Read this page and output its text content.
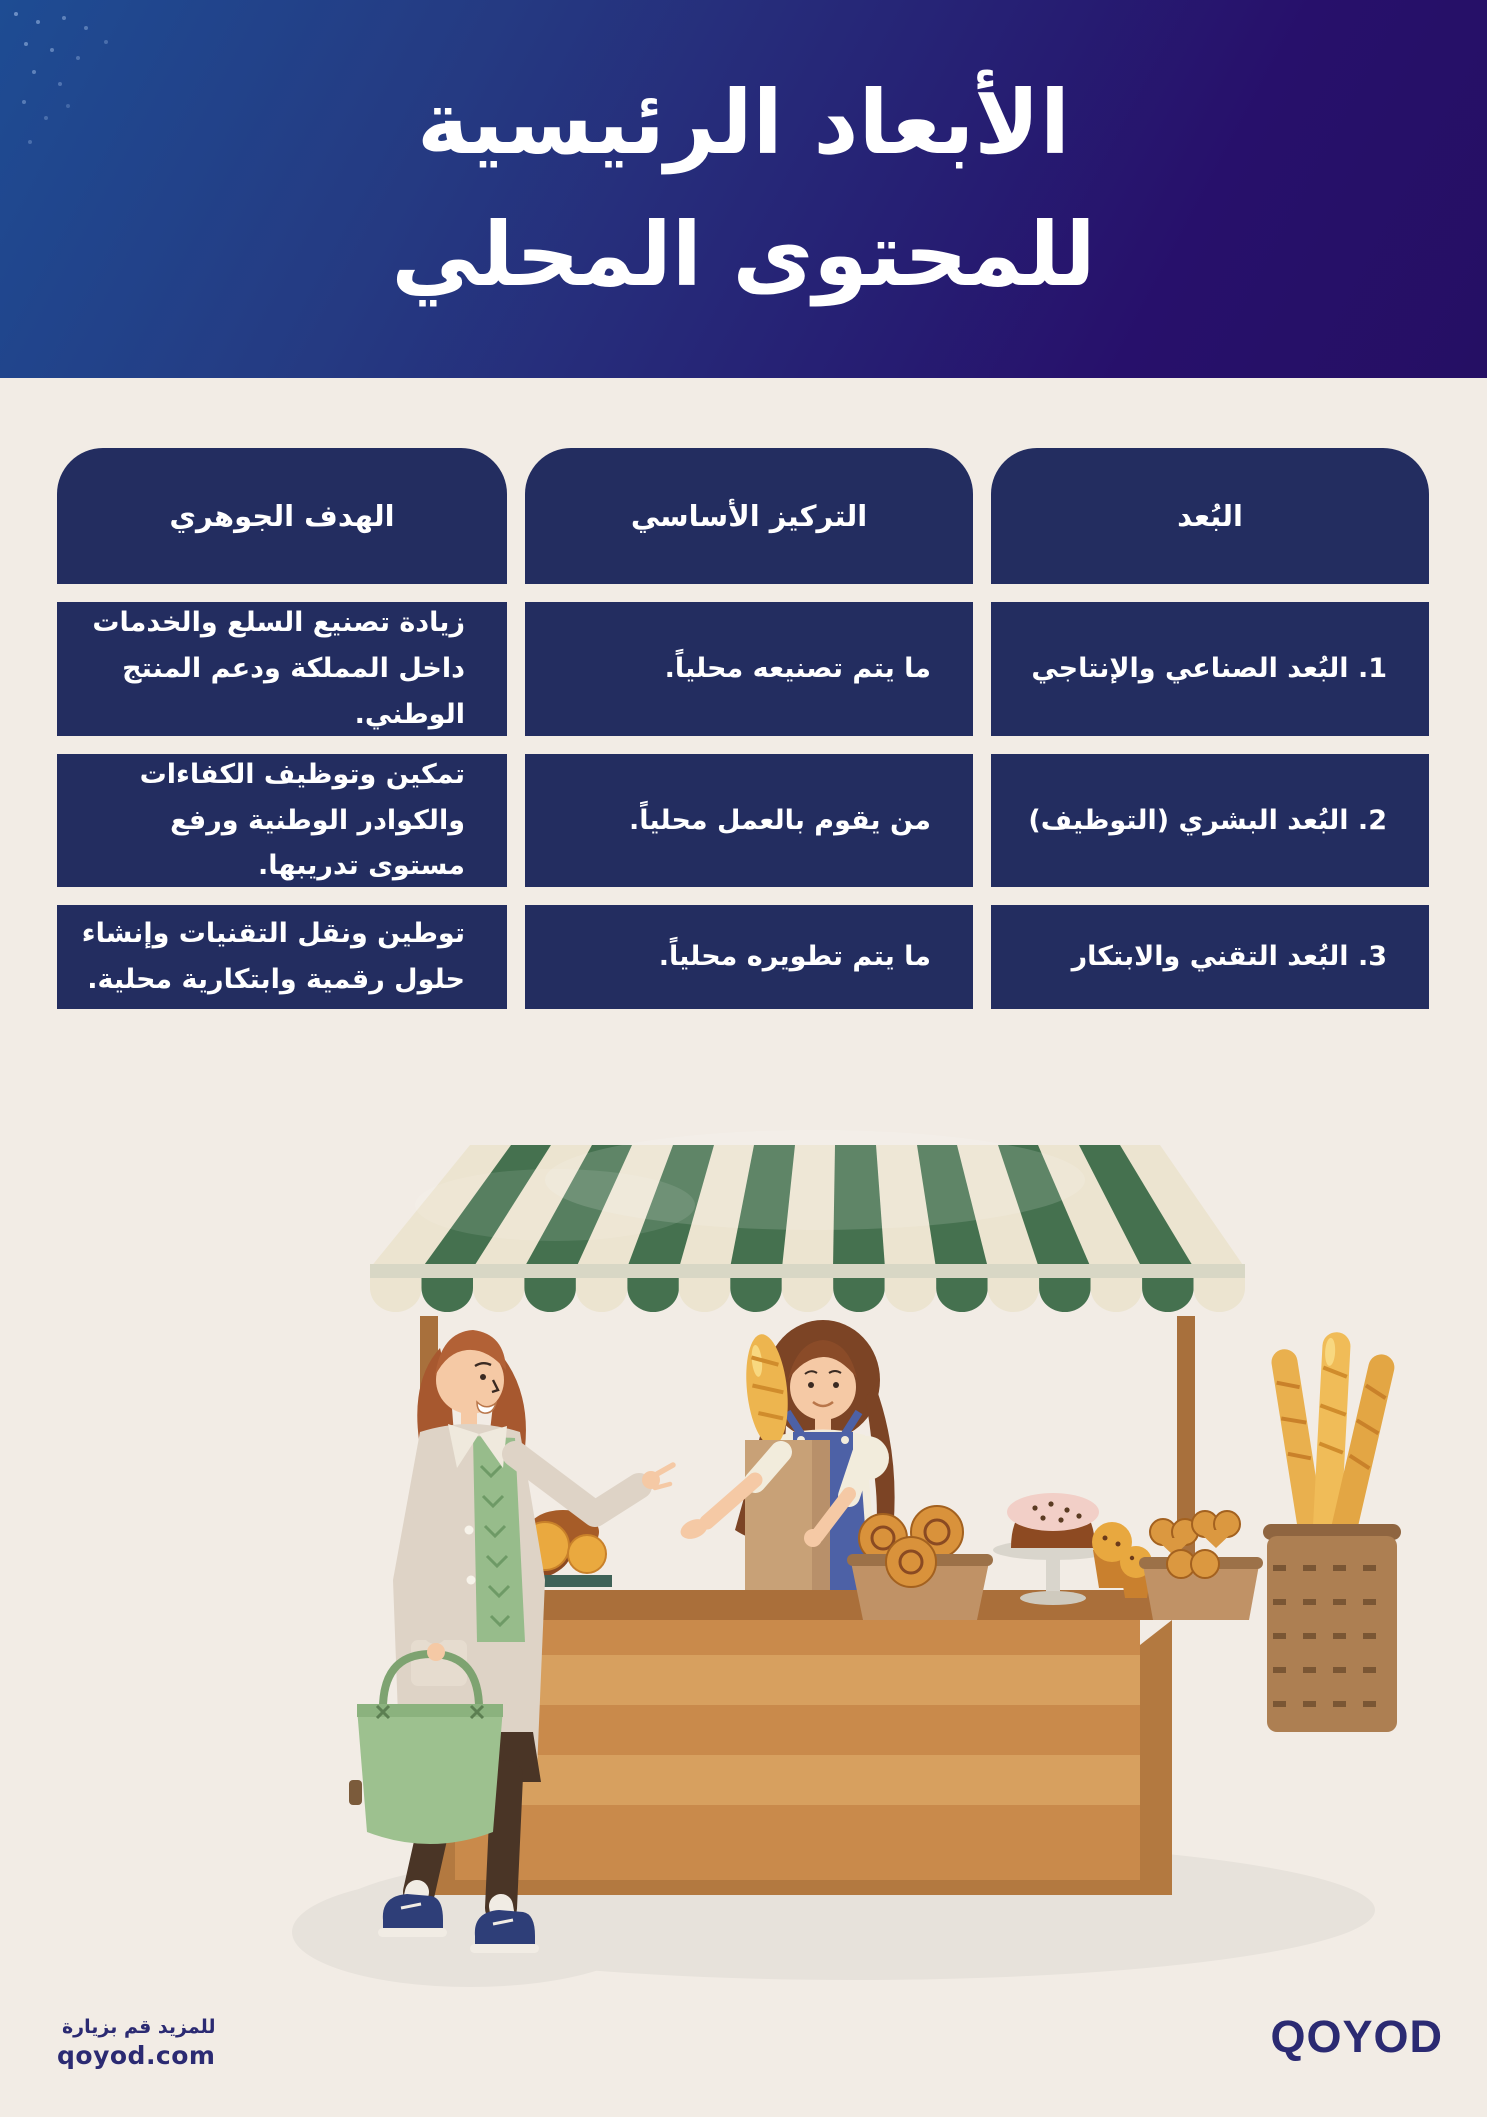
الأبعاد الرئيسية
للمحتوى المحلي
البُعد
التركيز الأساسي
الهدف الجوهري
1. البُعد الصناعي والإنتاجي
ما يتم تصنيعه محلياً.
زيادة تصنيع السلع والخدمات داخل المملكة ودعم المنتج الوطني.
2. البُعد البشري (التوظيف)
من يقوم بالعمل محلياً.
تمكين وتوظيف الكفاءات والكوادر الوطنية ورفع مستوى تدريبها.
3. البُعد التقني والابتكار
ما يتم تطويره محلياً.
توطين ونقل التقنيات وإنشاء حلول رقمية وابتكارية محلية.
للمزيد قم بزيارة
qoyod.com	QOYOD
